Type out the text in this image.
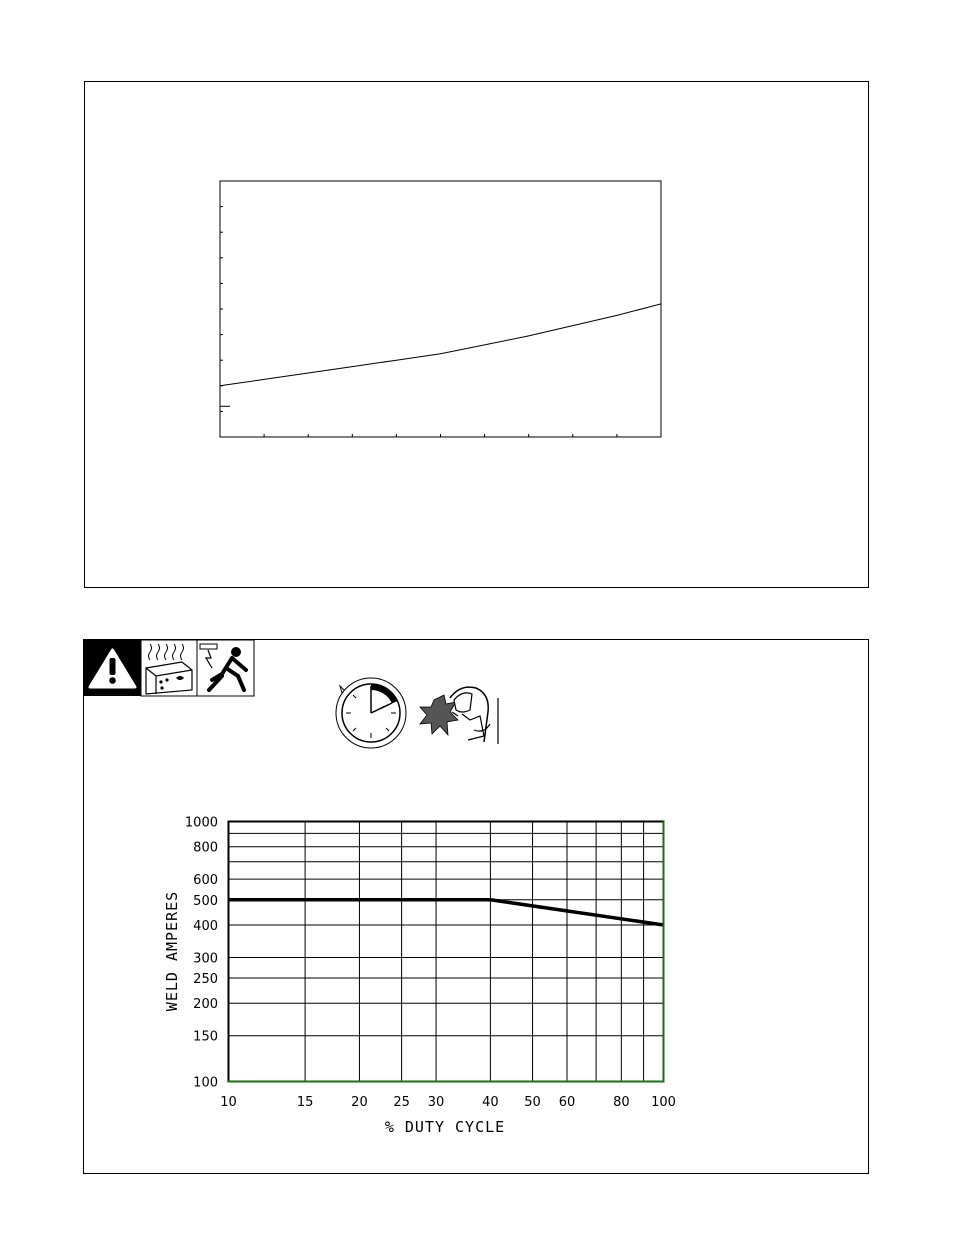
10	15	20 25 30	40 50 60	80 100
1000
800
600
500
400
300
250
200
150
100
WELD AMPERES
% DUTY CYCLE
